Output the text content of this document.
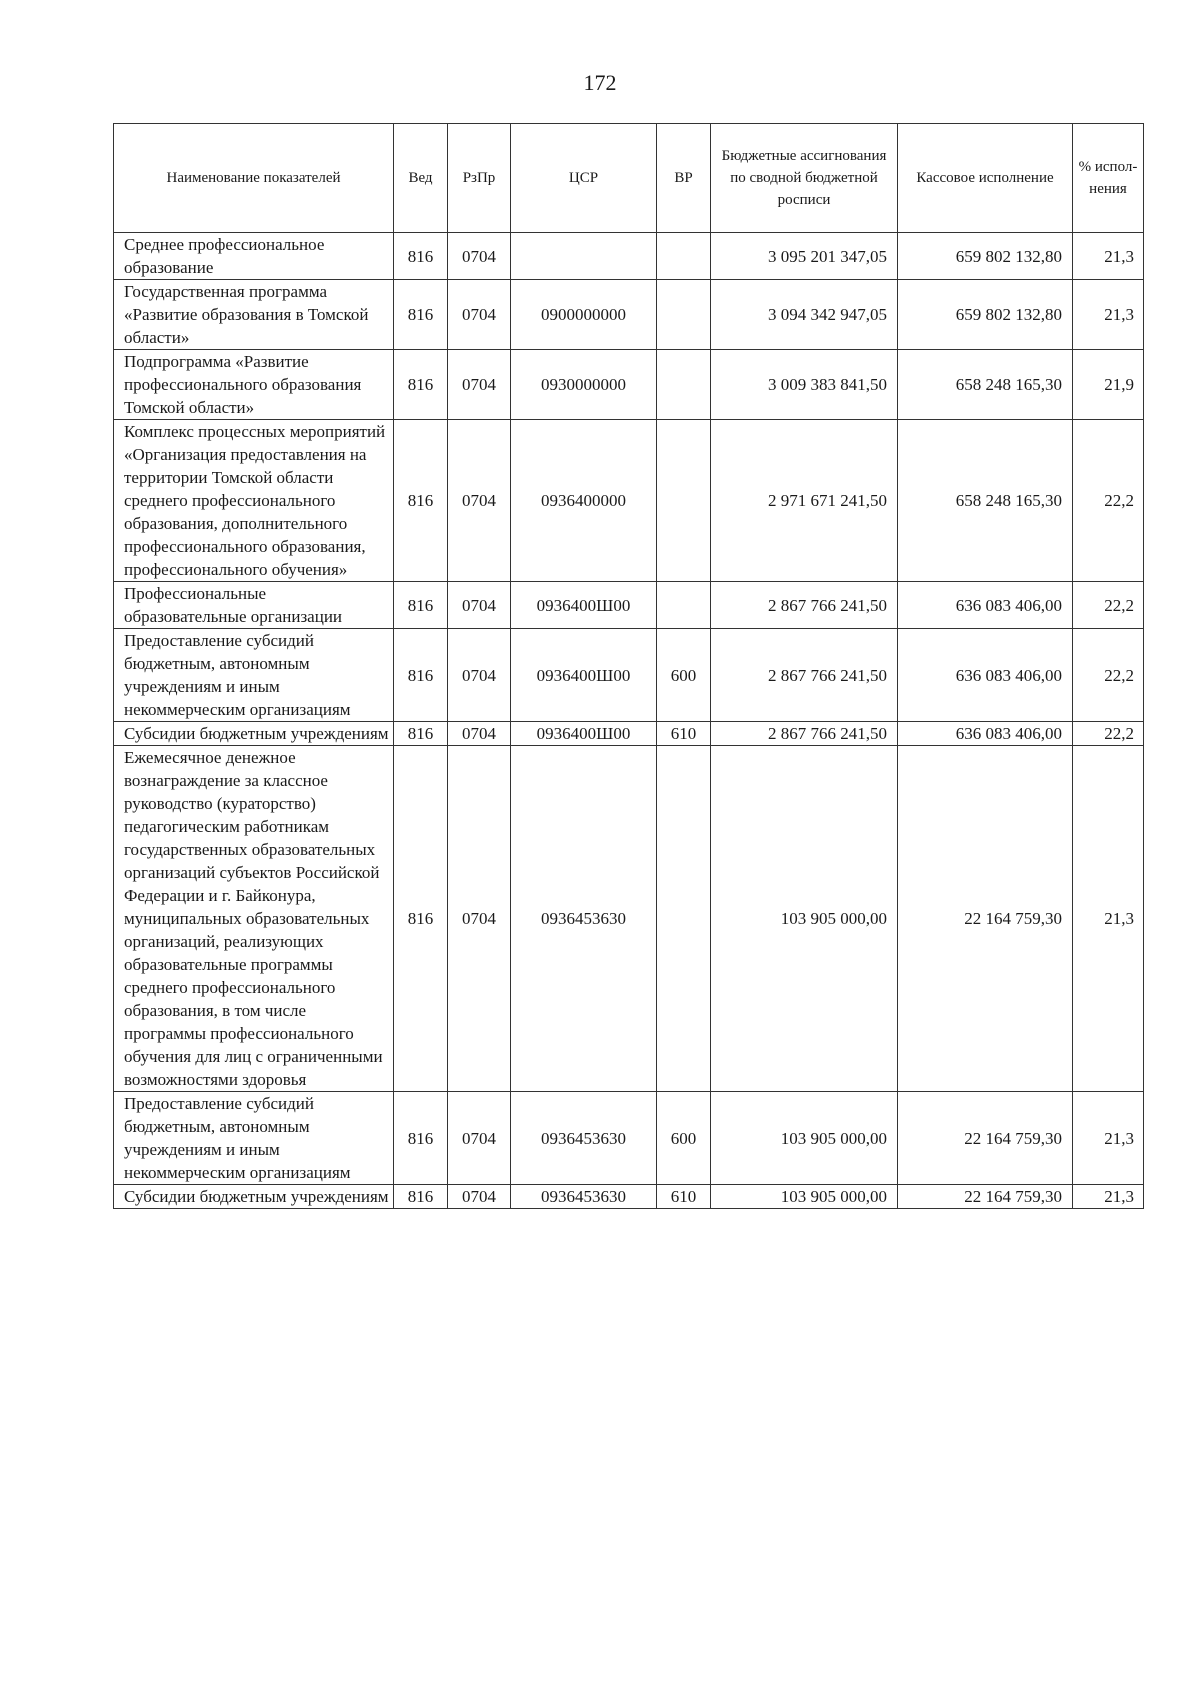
172
Наименование показателей	Вед	РзПр	ЦСР	ВР	Бюджетные ассигнования по сводной бюджетной росписи	Кассовое исполнение	% испол-нения
Среднее профессиональное образование	816	0704			3 095 201 347,05	659 802 132,80	21,3
Государственная программа «Развитие образования в Томской области»	816	0704	0900000000		3 094 342 947,05	659 802 132,80	21,3
Подпрограмма «Развитие профессионального образования Томской области»	816	0704	0930000000		3 009 383 841,50	658 248 165,30	21,9
Комплекс процессных мероприятий «Организация предоставления на территории Томской области среднего профессионального образования, дополнительного профессионального образования, профессионального обучения»	816	0704	0936400000		2 971 671 241,50	658 248 165,30	22,2
Профессиональные образовательные организации	816	0704	0936400Ш00		2 867 766 241,50	636 083 406,00	22,2
Предоставление субсидий бюджетным, автономным учреждениям и иным некоммерческим организациям	816	0704	0936400Ш00	600	2 867 766 241,50	636 083 406,00	22,2
Субсидии бюджетным учреждениям	816	0704	0936400Ш00	610	2 867 766 241,50	636 083 406,00	22,2
Ежемесячное денежное вознаграждение за классное руководство (кураторство) педагогическим работникам государственных образовательных организаций субъектов Российской Федерации и г. Байконура, муниципальных образовательных организаций, реализующих образовательные программы среднего профессионального образования, в том числе программы профессионального обучения для лиц с ограниченными возможностями здоровья	816	0704	0936453630		103 905 000,00	22 164 759,30	21,3
Предоставление субсидий бюджетным, автономным учреждениям и иным некоммерческим организациям	816	0704	0936453630	600	103 905 000,00	22 164 759,30	21,3
Субсидии бюджетным учреждениям	816	0704	0936453630	610	103 905 000,00	22 164 759,30	21,3
